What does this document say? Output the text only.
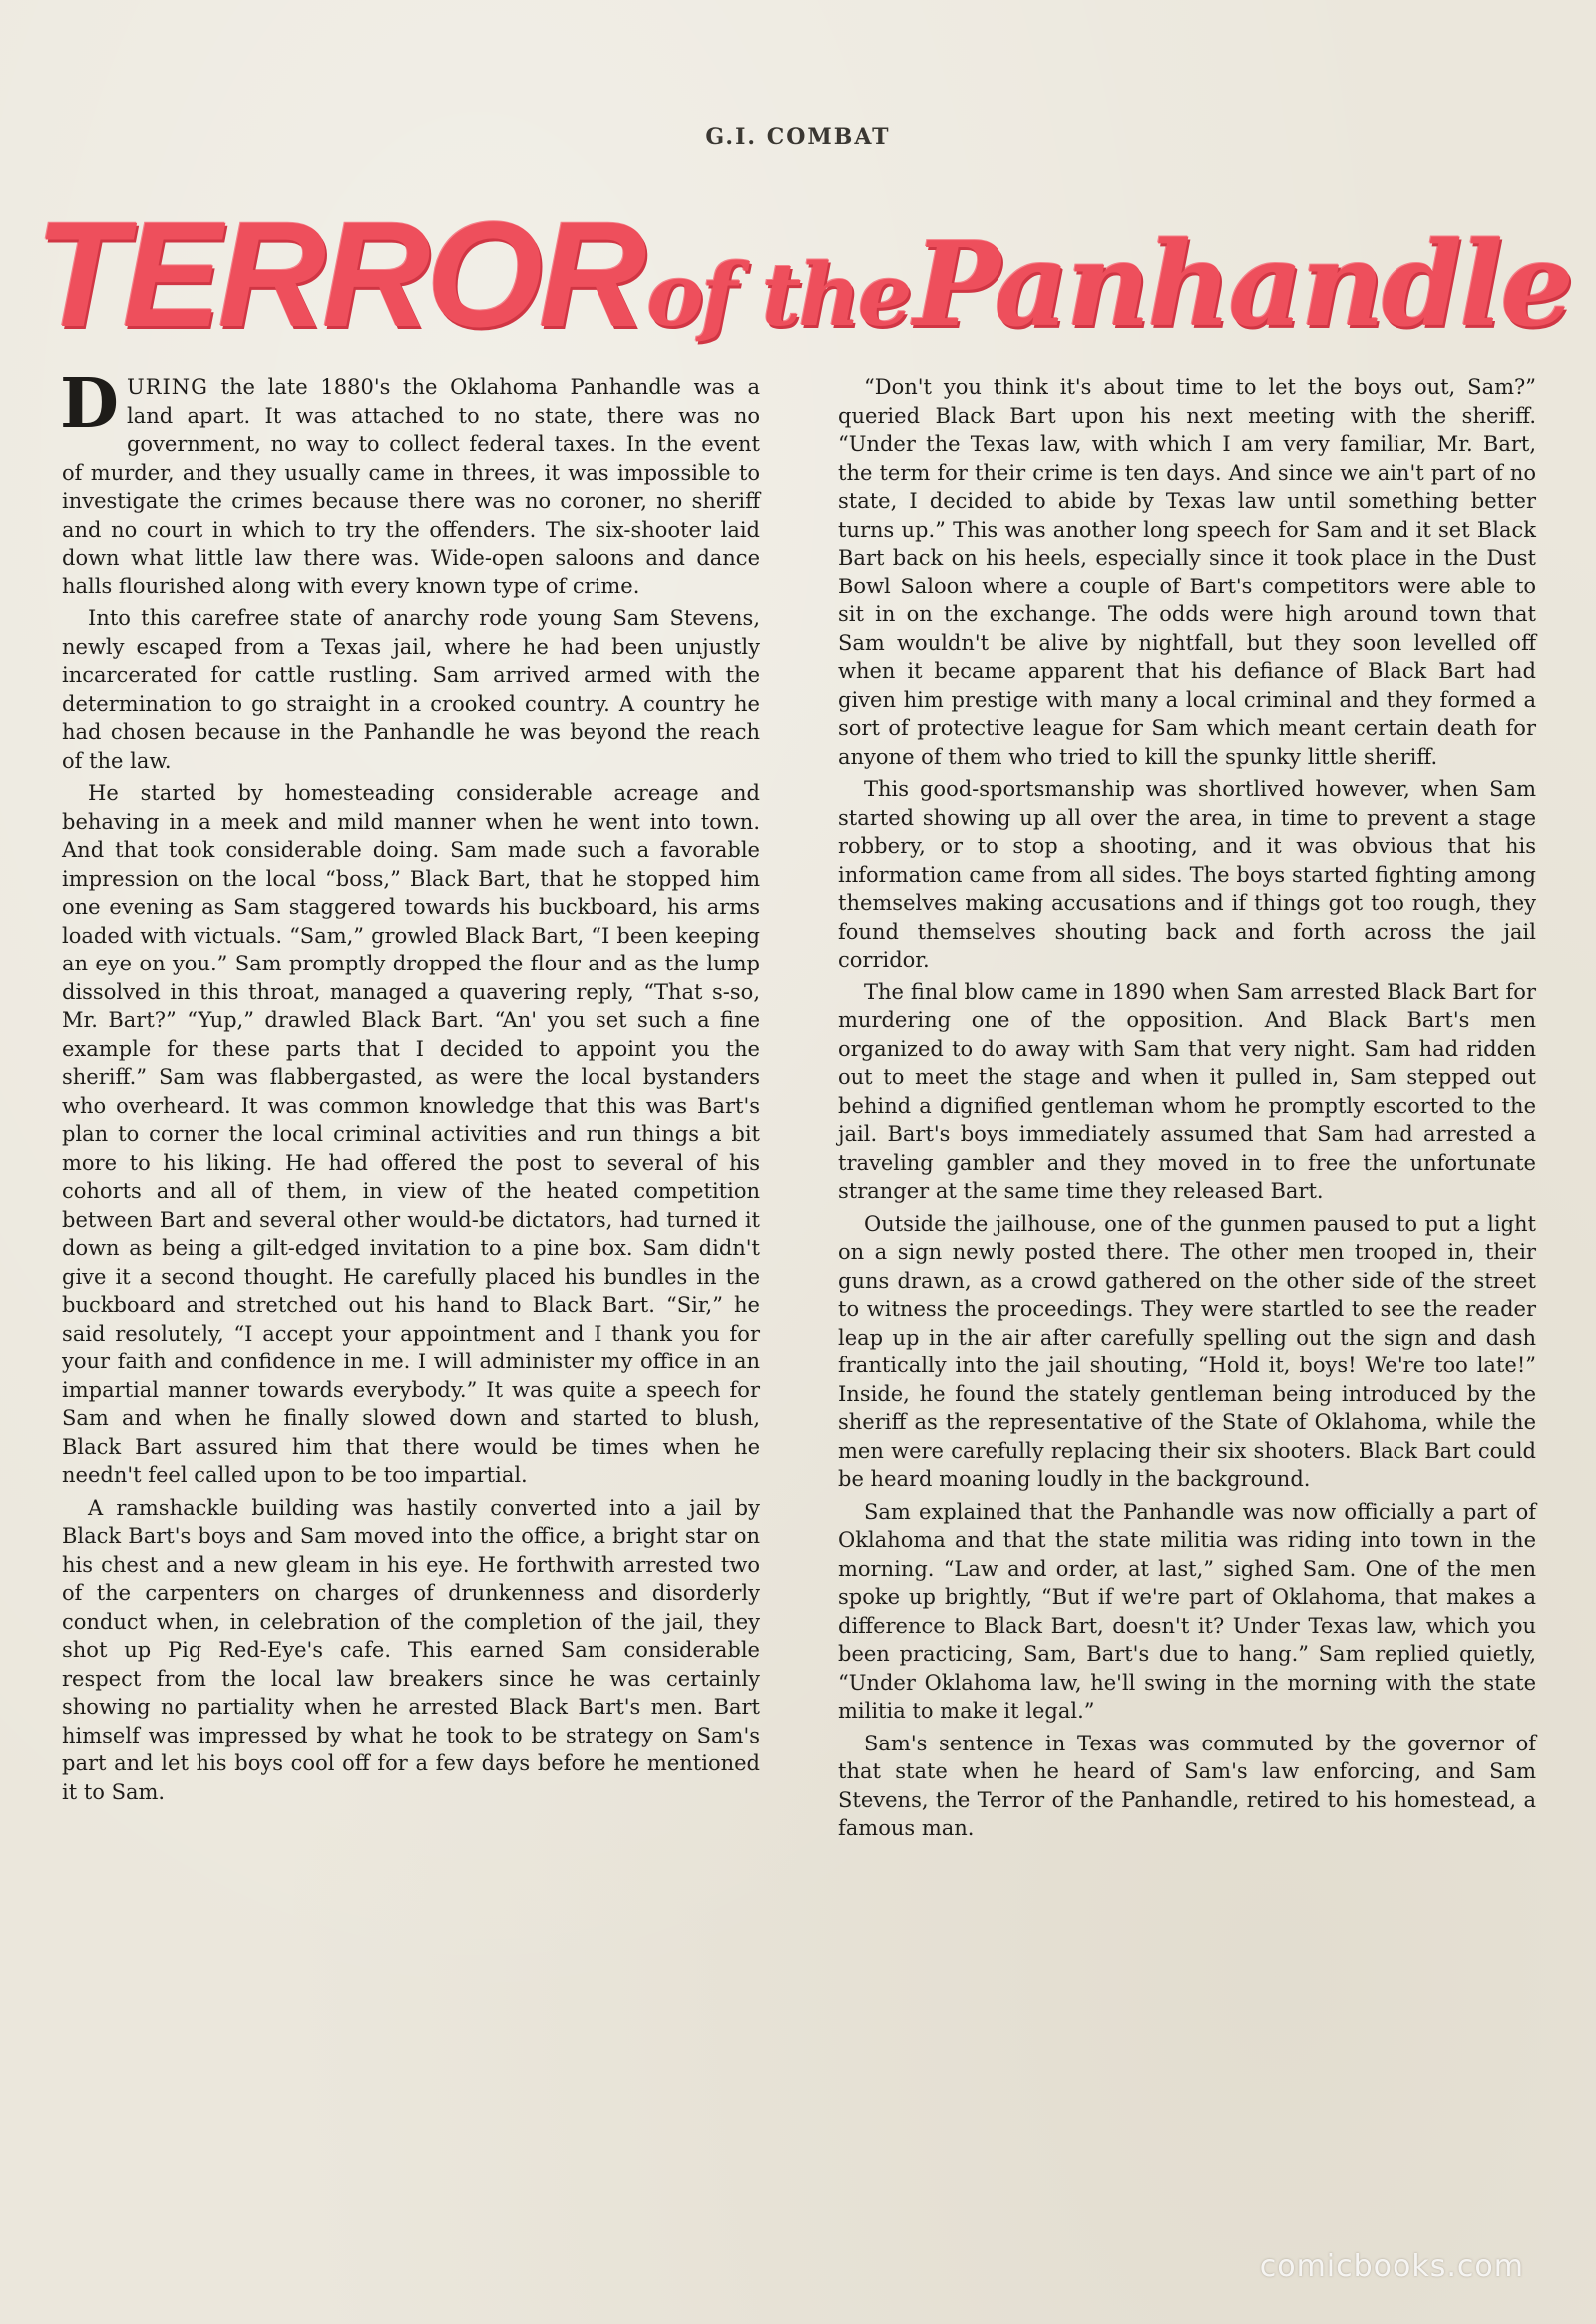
G.I. COMBAT
TERROR of the Panhandle

DURING the late 1880's the Oklahoma Panhandle was a land apart. It was attached to no state, there was no government, no way to collect federal taxes. In the event of murder, and they usually came in threes, it was impossible to investigate the crimes because there was no coroner, no sheriff and no court in which to try the offenders. The six-shooter laid down what little law there was. Wide-open saloons and dance halls flourished along with every known type of crime.

Into this carefree state of anarchy rode young Sam Stevens, newly escaped from a Texas jail, where he had been unjustly incarcerated for cattle rustling. Sam arrived armed with the determination to go straight in a crooked country. A country he had chosen because in the Panhandle he was beyond the reach of the law.

He started by homesteading considerable acreage and behaving in a meek and mild manner when he went into town. And that took considerable doing. Sam made such a favorable impression on the local “boss,” Black Bart, that he stopped him one evening as Sam staggered towards his buckboard, his arms loaded with victuals. “Sam,” growled Black Bart, “I been keeping an eye on you.” Sam promptly dropped the flour and as the lump dissolved in this throat, managed a quavering reply, “That s-so, Mr. Bart?” “Yup,” drawled Black Bart. “An' you set such a fine example for these parts that I decided to appoint you the sheriff.” Sam was flabbergasted, as were the local bystanders who overheard. It was common knowledge that this was Bart's plan to corner the local criminal activities and run things a bit more to his liking. He had offered the post to several of his cohorts and all of them, in view of the heated competition between Bart and several other would-be dictators, had turned it down as being a gilt-edged invitation to a pine box. Sam didn't give it a second thought. He carefully placed his bundles in the buckboard and stretched out his hand to Black Bart. “Sir,” he said resolutely, “I accept your appointment and I thank you for your faith and confidence in me. I will administer my office in an impartial manner towards everybody.” It was quite a speech for Sam and when he finally slowed down and started to blush, Black Bart assured him that there would be times when he needn't feel called upon to be too impartial.

A ramshackle building was hastily converted into a jail by Black Bart's boys and Sam moved into the office, a bright star on his chest and a new gleam in his eye. He forthwith arrested two of the carpenters on charges of drunkenness and disorderly conduct when, in celebration of the completion of the jail, they shot up Pig Red-Eye's cafe. This earned Sam considerable respect from the local law breakers since he was certainly showing no partiality when he arrested Black Bart's men. Bart himself was impressed by what he took to be strategy on Sam's part and let his boys cool off for a few days before he mentioned it to Sam.

“Don't you think it's about time to let the boys out, Sam?” queried Black Bart upon his next meeting with the sheriff. “Under the Texas law, with which I am very familiar, Mr. Bart, the term for their crime is ten days. And since we ain't part of no state, I decided to abide by Texas law until something better turns up.” This was another long speech for Sam and it set Black Bart back on his heels, especially since it took place in the Dust Bowl Saloon where a couple of Bart's competitors were able to sit in on the exchange. The odds were high around town that Sam wouldn't be alive by nightfall, but they soon levelled off when it became apparent that his defiance of Black Bart had given him prestige with many a local criminal and they formed a sort of protective league for Sam which meant certain death for anyone of them who tried to kill the spunky little sheriff.

This good-sportsmanship was shortlived however, when Sam started showing up all over the area, in time to prevent a stage robbery, or to stop a shooting, and it was obvious that his information came from all sides. The boys started fighting among themselves making accusations and if things got too rough, they found themselves shouting back and forth across the jail corridor.

The final blow came in 1890 when Sam arrested Black Bart for murdering one of the opposition. And Black Bart's men organized to do away with Sam that very night. Sam had ridden out to meet the stage and when it pulled in, Sam stepped out behind a dignified gentleman whom he promptly escorted to the jail. Bart's boys immediately assumed that Sam had arrested a traveling gambler and they moved in to free the unfortunate stranger at the same time they released Bart.

Outside the jailhouse, one of the gunmen paused to put a light on a sign newly posted there. The other men trooped in, their guns drawn, as a crowd gathered on the other side of the street to witness the proceedings. They were startled to see the reader leap up in the air after carefully spelling out the sign and dash frantically into the jail shouting, “Hold it, boys! We're too late!” Inside, he found the stately gentleman being introduced by the sheriff as the representative of the State of Oklahoma, while the men were carefully replacing their six shooters. Black Bart could be heard moaning loudly in the background.

Sam explained that the Panhandle was now officially a part of Oklahoma and that the state militia was riding into town in the morning. “Law and order, at last,” sighed Sam. One of the men spoke up brightly, “But if we're part of Oklahoma, that makes a difference to Black Bart, doesn't it? Under Texas law, which you been practicing, Sam, Bart's due to hang.” Sam replied quietly, “Under Oklahoma law, he'll swing in the morning with the state militia to make it legal.”

Sam's sentence in Texas was commuted by the governor of that state when he heard of Sam's law enforcing, and Sam Stevens, the Terror of the Panhandle, retired to his homestead, a famous man.

comicbooks.com
